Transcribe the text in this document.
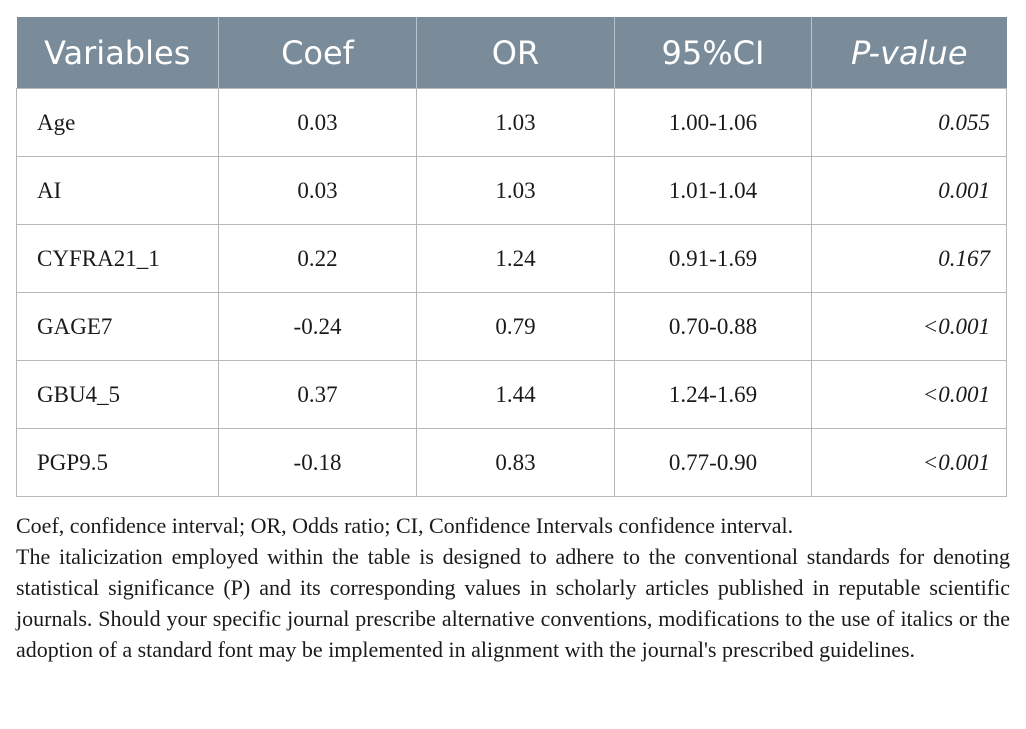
Variables	Coef	OR	95%CI	P-value
Age	0.03	1.03	1.00-1.06	0.055
AI	0.03	1.03	1.01-1.04	0.001
CYFRA21_1	0.22	1.24	0.91-1.69	0.167
GAGE7	-0.24	0.79	0.70-0.88	<0.001
GBU4_5	0.37	1.44	1.24-1.69	<0.001
PGP9.5	-0.18	0.83	0.77-0.90	<0.001

Coef, confidence interval; OR, Odds ratio; CI, Confidence Intervals confidence interval.

The italicization employed within the table is designed to adhere to the conventional standards for denoting statistical significance (P) and its corresponding values in scholarly articles published in reputable scientific journals. Should your specific journal prescribe alternative conventions, modifications to the use of italics or the adoption of a standard font may be implemented in alignment with the journal's prescribed guidelines.
